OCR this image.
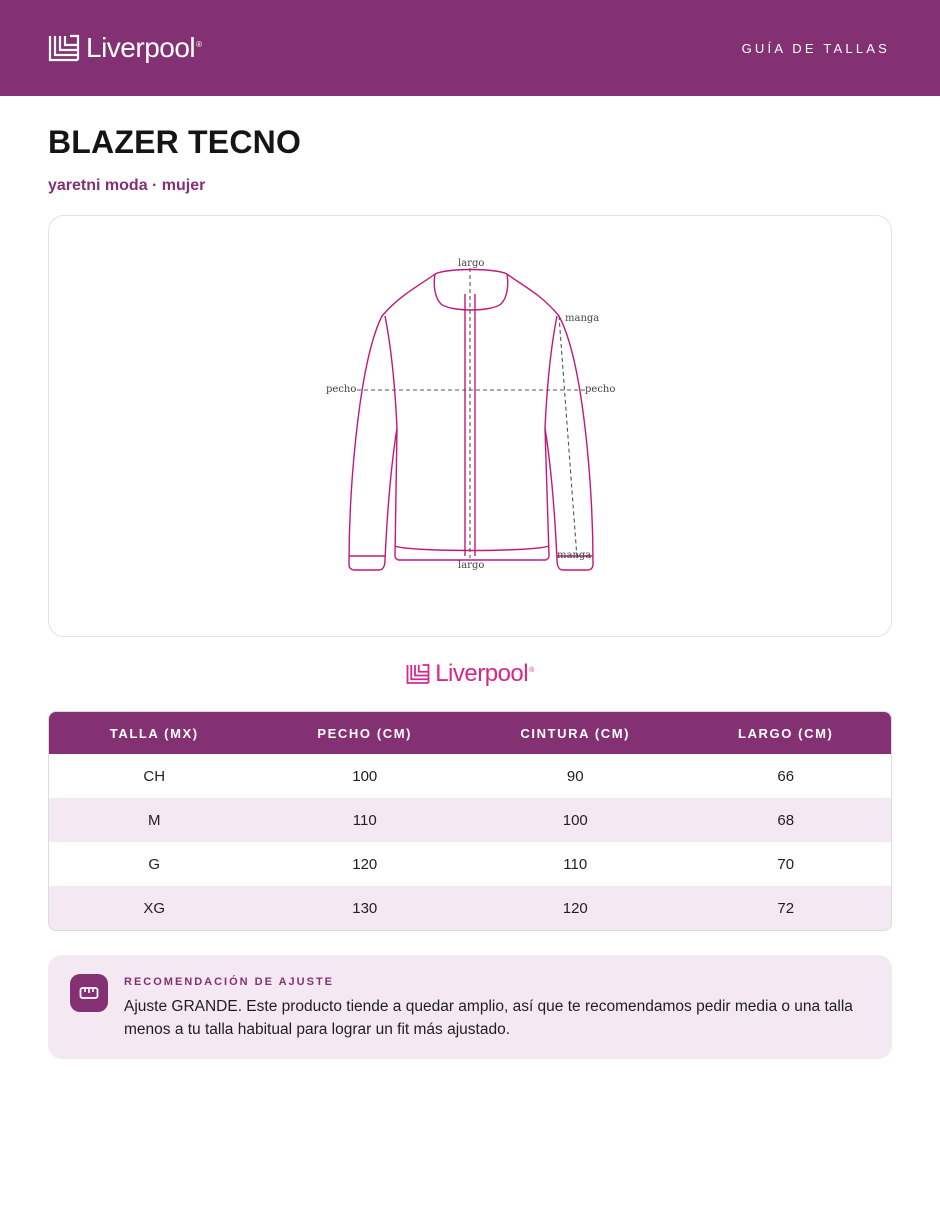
Liverpool®	GUÍA DE TALLAS
BLAZER TECNO
yaretni moda · mujer
largo
largo
manga
manga
pecho	pecho
Liverpool®
TALLA (MX)	PECHO (CM)	CINTURA (CM)	LARGO (CM)
CH	100	90	66
M	110	100	68
G	120	110	70
XG	130	120	72
RECOMENDACIÓN DE AJUSTE
Ajuste GRANDE. Este producto tiende a quedar amplio, así que te recomendamos pedir media o una talla menos a tu talla habitual para lograr un fit más ajustado.
